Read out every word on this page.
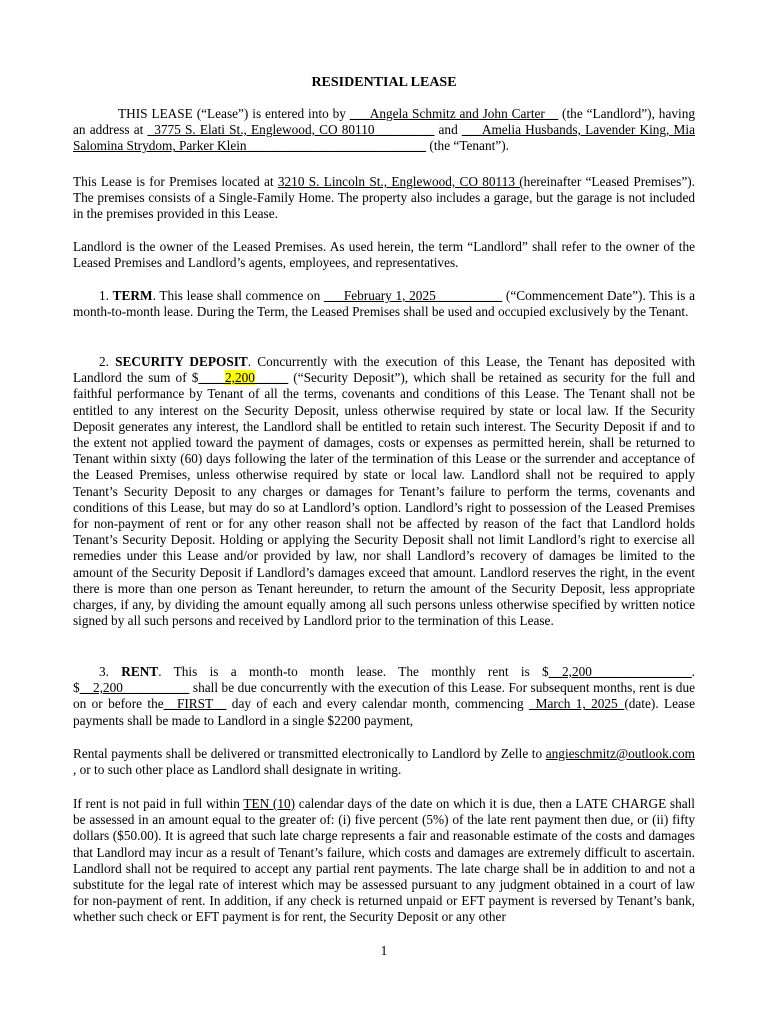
RESIDENTIAL LEASE
THIS LEASE (“Lease”) is entered into by ___Angela Schmitz and John Carter__ (the “Landlord”), having an address at _3775 S. Elati St., Englewood, CO 80110_________ and ___Amelia Husbands, Lavender King, Mia Salomina Strydom, Parker Klein___________________________ (the “Tenant”).
This Lease is for Premises located at 3210 S. Lincoln St., Englewood, CO 80113 (hereinafter “Leased Premises”). The premises consists of a Single-Family Home. The property also includes a garage, but the garage is not included in the premises provided in this Lease.
Landlord is the owner of the Leased Premises. As used herein, the term “Landlord” shall refer to the owner of the Leased Premises and Landlord’s agents, employees, and representatives.
1. TERM. This lease shall commence on ___February 1, 2025__________ (“Commencement Date”). This is a month-to-month lease. During the Term, the Leased Premises shall be used and occupied exclusively by the Tenant.
2. SECURITY DEPOSIT. Concurrently with the execution of this Lease, the Tenant has deposited with Landlord the sum of $____2,200_____ (“Security Deposit”), which shall be retained as security for the full and faithful performance by Tenant of all the terms, covenants and conditions of this Lease. The Tenant shall not be entitled to any interest on the Security Deposit, unless otherwise required by state or local law. If the Security Deposit generates any interest, the Landlord shall be entitled to retain such interest. The Security Deposit if and to the extent not applied toward the payment of damages, costs or expenses as permitted herein, shall be returned to Tenant within sixty (60) days following the later of the termination of this Lease or the surrender and acceptance of the Leased Premises, unless otherwise required by state or local law. Landlord shall not be required to apply Tenant’s Security Deposit to any charges or damages for Tenant’s failure to perform the terms, covenants and conditions of this Lease, but may do so at Landlord’s option. Landlord’s right to possession of the Leased Premises for non-payment of rent or for any other reason shall not be affected by reason of the fact that Landlord holds Tenant’s Security Deposit. Holding or applying the Security Deposit shall not limit Landlord’s right to exercise all remedies under this Lease and/or provided by law, nor shall Landlord’s recovery of damages be limited to the amount of the Security Deposit if Landlord’s damages exceed that amount. Landlord reserves the right, in the event there is more than one person as Tenant hereunder, to return the amount of the Security Deposit, less appropriate charges, if any, by dividing the amount equally among all such persons unless otherwise specified by written notice signed by all such persons and received by Landlord prior to the termination of this Lease.
3. RENT. This is a month-to month lease. The monthly rent is $__2,200_______________. $__2,200__________ shall be due concurrently with the execution of this Lease. For subsequent months, rent is due on or before the__FIRST__ day of each and every calendar month, commencing _March 1, 2025_(date). Lease payments shall be made to Landlord in a single $2200 payment,
Rental payments shall be delivered or transmitted electronically to Landlord by Zelle to angieschmitz@outlook.com , or to such other place as Landlord shall designate in writing.
If rent is not paid in full within TEN (10) calendar days of the date on which it is due, then a LATE CHARGE shall be assessed in an amount equal to the greater of: (i) five percent (5%) of the late rent payment then due, or (ii) fifty dollars ($50.00). It is agreed that such late charge represents a fair and reasonable estimate of the costs and damages that Landlord may incur as a result of Tenant’s failure, which costs and damages are extremely difficult to ascertain. Landlord shall not be required to accept any partial rent payments. The late charge shall be in addition to and not a substitute for the legal rate of interest which may be assessed pursuant to any judgment obtained in a court of law for non-payment of rent. In addition, if any check is returned unpaid or EFT payment is reversed by Tenant’s bank, whether such check or EFT payment is for rent, the Security Deposit or any other
1
